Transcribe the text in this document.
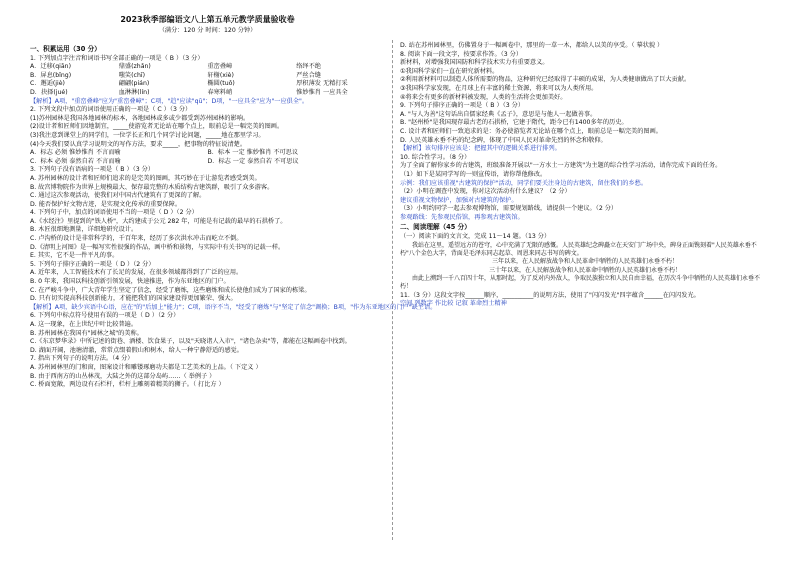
2023秋季部编语文八上第五单元教学质量验收卷
（满分：120 分 时间：120 分钟）
一、积累运用（30 分）
1. 下列加点字注音和词语书写全部正确的一项是（ B ）（3 分）
A．迁移(qiān)	鼎盛(zhǎn)	重峦叠嶂	络绎不绝
B．屏息(bǐng)	嗤笑(chī)	轩榭(xiè)	严丝合缝
C．邂逅(jiè)	翩翩(pián)	椭圆(tuǒ)	厚积薄发 无精打采
D．抉择(jué)	血淋淋(lín)	春寒料峭	惟妙惟肖 一应具全
【解析】A项，"重峦叠峰"应为"重峦叠嶂"；C项，"趋"应读"qū"；D项，"一应具全"应为"一应俱全"。
2. 下列文段中加点的词语使用正确的一项是（ C ）（3 分）
(1)苏州园林是我国各地园林的标本，各地园林或多或少都受到苏州园林的影响。
(2)设计者和匠师们因地制宜，_____使游览者无论站在哪个点上，眼前总是一幅完美的图画。
(3)我注意到课堂上的同学们，一位学长正和几个同学讨论问题，_____地在那里学习。
(4)今天我们要认真学习说明文的写作方法，要求_____，把事物的特征说清楚。
A．标志 必须 惟妙惟肖 不言而喻	B．标本 一定 惟妙惟肖 不可思议
C．标本 必须 泰然自若 不言而喻	D．标志 一定 泰然自若 不可思议
3. 下列句子没有语病的一项是（ B ）（3 分）
A. 苏州园林的设计者和匠师们追求的是完美的图画，其巧妙在于让游览者感受到美。
B. 故宫博物院作为世界上规模最大、保存最完整的木质结构古建筑群，吸引了众多游客。
C. 通过这次参观活动，使我们对中国古代建筑有了更深的了解。
D. 能否保护好文物古迹，是实现文化传承的重要保障。
4. 下列句子中，加点的词语使用不当的一项是（ D ）（2 分）
A.《水经注》里提到的"铁人桥"，大约建成于公元 282 年，可能是有记载的最早的石拱桥了。
B. 木匠很细地测量，详细地研究设计。
C. 卢沟桥的设计是非常科学的，千百年来，经历了多次洪水冲击而屹立不倒。
D.《清明上河图》是一幅写实性很强的作品，画中桥和景物，与实际中有关书写的记载一样。
E. 其实，它不是一件平凡的事。
5. 下列句子排序正确的一项是（ D ）（2 分）
A. 近年来，人工智能技术有了长足的发展，在很多领域都得到了广泛的应用。
B. 0 年来，我国以科技创新引领发展，快速推进，作为东亚地区的门户。
C. 在严峻斗争中，广大青年学生坚定了信念，经受了磨炼，这些磨炼和成长使他们成为了国家的栋梁。
D. 只有切实提高科技创新能力，才能把我们的国家建设得更加繁荣、强大。
【解析】A项，缺少宾语中心语，应在"的"后加上"能力"；C项，语序不当，"经受了磨炼"与"坚定了信念"调换；B项，"作为东亚地区的门户"缺主语。
6. 下列句中标点符号使用有误的一项是（ D ）（2 分）
A. 这一现象，在上世纪中叶比较普遍。
B. 苏州园林在我国有"园林之城"的美称。
C.《东京梦华录》中所记述的街巷、酒楼、饮食果子，以及"天晓诸人入市"，"诸色杂卖"等，都能在这幅画卷中找到。
D. 湖面开阔，池塘清澈，常常点缀着假山和树木，给人一种宁静舒适的感觉。
7. 指出下列句子的说明方法。（4 分）
A. 苏州园林里的门和窗，图案设计和雕镂琢磨功夫都是工艺美术的上品。（ 下定义 ）
B. 由于西南方的山丛林茂，大陆之外的这部分岛屿……（ 举例子 ）
C. 桥面宽敞，两边设有石栏杆，栏杆上雕刻着精美的狮子。（ 打比方 ）
D. 站在苏州园林里，仿佛置身于一幅画卷中，那里的一草一木，都给人以美的享受。（ 摹状貌 ）
8. 阅读下面一段文字，按要求作答。（3 分）
新材料，对增强我国国防和科学技术实力有重要意义。
①我国科学家们一直在研究新材料。
②利用新材料可以制造人体所需要的物品，这种研究已经取得了丰硕的成果，为人类健康做出了巨大贡献。
③我国科学家发现，在月球上有丰富的稀土资源，将来可以为人类所用。
④将来会有更多的新材料被发现，人类的生活将会更加美好。
9. 下列句子排序正确的一项是（ B ）（3 分）
A. "与人为善"这句话出自儒家经典《孟子》，意思是与他人一起做善事。
B. "赵州桥"是我国现存最古老的石拱桥，它建于隋代，距今已有1400多年的历史。
C. 设计者和匠师们一致追求的是：务必使游览者无论站在哪个点上，眼前总是一幅完美的图画。
D. 人民英雄永垂不朽的纪念碑，体现了中国人民对革命先烈的怀念和敬仰。
【解析】该句排序应该是：把握其中的逻辑关系进行排列。
10. 综合性学习。（8 分）
为了全面了解你家乡的古建筑，班级准备开展以"一方水土一方建筑"为主题的综合性学习活动，请你完成下面的任务。
（1）如下是某同学写的一则宣传语，请你帮他修改。
示例：我们应该重视"古建筑的保护"活动，同学们要关注身边的古建筑，留住我们的乡愁。
（2）小明在调查中发现，你对这次活动有什么建议？（2 分）
建议重视文物保护，加强对古建筑的保护。
（3）小明约同学一起去参观博物馆，需要规划路线，请提供一个建议。（2 分）
参观路线：先参观民俗馆，再参观古建筑馆。
二、阅读理解（45 分）
（一）阅读下面的文言文，完成 11～14 题。（13 分）
我站在这里，遥望远方的苍穹，心中充满了无限的感慨。人民英雄纪念碑矗立在天安门广场中央，碑身正面镌刻着"人民英雄永垂不朽"八个金色大字，背面是毛泽东同志起草、周恩来同志书写的碑文。
三年以来，在人民解放战争和人民革命中牺牲的人民英雄们永垂不朽！
三十年以来，在人民解放战争和人民革命中牺牲的人民英雄们永垂不朽！
由此上溯到一千八百四十年，从那时起，为了反对内外敌人，争取民族独立和人民自由幸福，在历次斗争中牺牲的人民英雄们永垂不朽！
11.（3 分）这段文字按______顺序，__________的说明方法，使用了"闪闪发光"四字蕴含______在闪闪发光。
空间 列数字 作比较 记叙 革命烈士精神
